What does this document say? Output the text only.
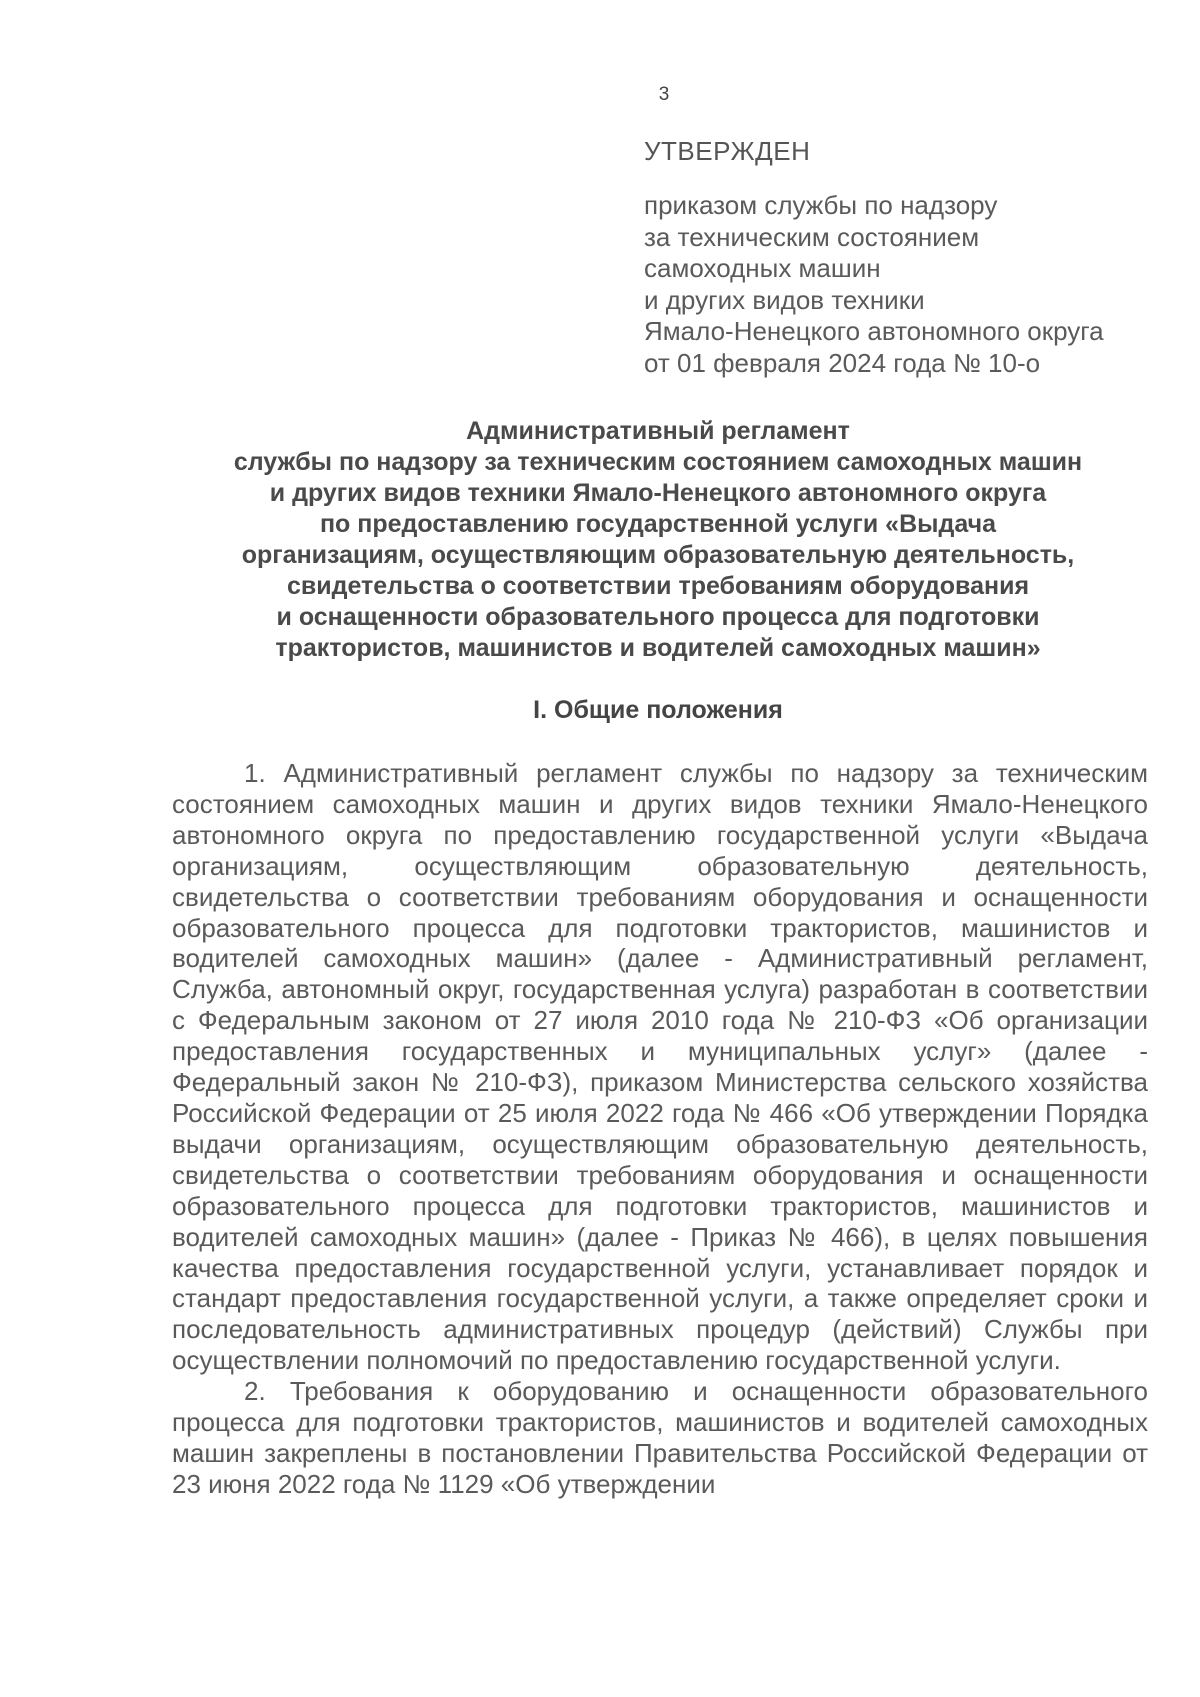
3
УТВЕРЖДЕН
приказом службы по надзору
за техническим состоянием
самоходных машин
и других видов техники
Ямало-Ненецкого автономного округа
от 01 февраля 2024 года № 10-о
Административный регламент
службы по надзору за техническим состоянием самоходных машин
и других видов техники Ямало-Ненецкого автономного округа
по предоставлению государственной услуги «Выдача
организациям, осуществляющим образовательную деятельность,
свидетельства о соответствии требованиям оборудования
и оснащенности образовательного процесса для подготовки
трактористов, машинистов и водителей самоходных машин»
I. Общие положения

1. Административный регламент службы по надзору за техническим состоянием самоходных машин и других видов техники Ямало-Ненецкого автономного округа по предоставлению государственной услуги «Выдача организациям, осуществляющим образовательную деятельность, свидетельства о соответствии требованиям оборудования и оснащенности образовательного процесса для подготовки трактористов, машинистов и водителей самоходных машин» (далее - Административный регламент, Служба, автономный округ, государственная услуга) разработан в соответствии с Федеральным законом от 27 июля 2010 года № 210-ФЗ «Об организации предоставления государственных и муниципальных услуг» (далее - Федеральный закон № 210-ФЗ), приказом Министерства сельского хозяйства Российской Федерации от 25 июля 2022 года № 466 «Об утверждении Порядка выдачи организациям, осуществляющим образовательную деятельность, свидетельства о соответствии требованиям оборудования и оснащенности образовательного процесса для подготовки трактористов, машинистов и водителей самоходных машин» (далее - Приказ № 466), в целях повышения качества предоставления государственной услуги, устанавливает порядок и стандарт предоставления государственной услуги, а также определяет сроки и последовательность административных процедур (действий) Службы при осуществлении полномочий по предоставлению государственной услуги.

2. Требования к оборудованию и оснащенности образовательного процесса для подготовки трактористов, машинистов и водителей самоходных машин закреплены в постановлении Правительства Российской Федерации от 23 июня 2022 года № 1129 «Об утверждении
